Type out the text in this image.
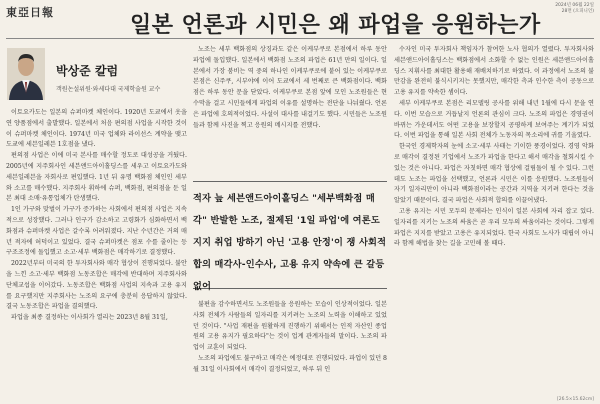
東亞日報
2024년 06월 22일
28면 (오피니언)
일본 언론과 시민은 왜 파업을 응원하는가
박상준 칼럼
객원논설위원·와세다대 국제학술원 교수

이토요카도는 일본의 슈퍼마켓 체인이다. 1920년 도쿄에서 옷을 연 양품점에서 출발했다. 일본에서 처음 편의점 사업을 시작한 것이 이 슈퍼마켓 체인이다. 1974년 미국 업체와 라이선스 계약을 맺고 도쿄에 세븐일레븐 1호점을 냈다.

편의점 사업은 이에 미국 본사를 매수할 정도로 대성공을 거뒀다. 2005년에 지주회사인 세븐앤드아이홀딩스를 세우고 이토요카도와 세븐일레븐을 자회사로 편입했다. 1년 뒤 유명 백화점 체인인 세부와 소고를 매수했다. 지주회사 휘하에 슈퍼, 백화점, 편의점을 둔 일본 최대 소매·유통업체가 탄생했다.

1인 가구와 맞벌이 가구가 증가하는 사회에서 편의점 사업은 지속적으로 성장했다. 그러나 인구가 감소하고 고령화가 심화하면서 백화점과 슈퍼마켓 사업은 갈수록 어려워졌다. 지난 수년간은 거의 매년 적자에 허덕이고 있었다. 결국 슈퍼마켓은 점포 수를 줄이는 등 구조조정에 돌입했고 소고·세부 백화점은 매각하기로 결정했다.

2022년부터 미국의 한 투자회사와 매각 협상이 진행되었다. 불안을 느낀 소고·세부 백화점 노동조합은 매각에 반대하며 지주회사와 단체교섭을 이어갔다. 노동조합은 백화점 사업의 지속과 고용 유지를 요구했지만 지주회사는 노조의 요구에 충분히 응답하지 않았다. 결국 노동조합은 파업을 결의했다.

파업을 최종 결정하는 이사회가 열리는 2023년 8월 31일,

노조는 세부 백화점의 상징과도 같은 이케부쿠로 본점에서 하루 동안 파업에 돌입했다. 일본에서 백화점 노조의 파업은 61년 만의 일이다. 일본에서 가장 붐비는 역 중의 하나인 이케부쿠로에 붙어 있는 이케부쿠로 본점은 신주쿠, 시부야에 이어 도쿄에서 세 번째로 큰 백화점이다. 백화점은 하루 동안 문을 닫았다. 이케부쿠로 본점 앞에 모인 노조원들은 현수막을 걸고 시민들에게 파업의 이유를 설명하는 전단을 나눠줬다. 언론은 파업에 호의적이었다. 사설이 대사를 내걸기도 했다. 시민들은 노조원들과 함께 사진을 찍고 응원의 메시지를 전했다.

적자 늪 세븐앤드아이홀딩스 "세부백화점 매각" 반발한 노조, 절제된 '1일 파업'에 여론도 지지 취업 방하기 아닌 '고용 안정'이 쟁 사회적 합의 매각사-인수사, 고용 유지 약속에 큰 갈등 없어

불편을 감수하면서도 노조원들을 응원하는 모습이 인상적이었다. 일본 사회 전체가 사람들의 일자리를 지키려는 노조의 노력을 이해하고 있었던 것이다. "사업 재편을 원활하게 진행하기 위해서는 인적 자산인 종업원의 고용 유지가 필요하다"는 것이 업계 관계자들의 말이다. 노조의 파업이 교훈이 되었다.

노조의 파업에도 불구하고 매각은 예정대로 진행되었다. 파업이 있던 8월 31일 이사회에서 매각이 결정되었고, 하루 뒤 인

수자인 미국 투자회사 책임자가 참여한 노사 협의가 열렸다. 투자회사와 세븐앤드아이홀딩스는 백화점에서 소화할 수 없는 인원은 세븐앤드아이홀딩스 지휘사를 최대한 활용해 재배치하기로 하였다. 이 과정에서 노조의 불만감을 완전히 불식시키지는 못했지만, 매각한 측과 인수한 측이 공동으로 고용 유지를 약속한 셈이다.

세부 이케부쿠로 본점은 리모델링 공사를 위해 내년 1월에 다시 문을 연다. 이번 모습으로 거듭날지 언론의 관심이 크다. 노조의 파업은 경영권이 바뀌는 가운데서도 어떤 고용을 보장할지 공평하게 보여주는 계기가 되었다. 이번 파업을 통해 일본 사회 전체가 노동자의 목소리에 귀를 기울였다.

한국인 경제학자의 눈에 소고·세부 사태는 기이한 풍경이었다. 경영 악화로 매각이 결정된 기업에서 노조가 파업을 한다고 해서 매각을 철회시킬 수 있는 것은 아니다. 파업은 자칫하면 매각 협상에 걸림돌이 될 수 있다. 그런데도 노조는 파업을 선택했고, 언론과 시민은 이를 응원했다. 노조원들이 자기 일자리만이 아니라 백화점이라는 공간과 지역을 지키려 한다는 것을 알았기 때문이다. 결국 파업은 사회적 합의를 이끌어냈다.

고용 유지는 시민 모두의 문제라는 인식이 일본 사회에 자리 잡고 있다. 일자리를 지키는 노조의 싸움은 곧 우리 모두의 싸움이라는 것이다. 그렇게 파업은 지지를 받았고 고용은 유지되었다. 한국 사회도 노사가 대립이 아니라 함께 해법을 찾는 길을 고민해 볼 때다.

[26.5×15.62cm]
